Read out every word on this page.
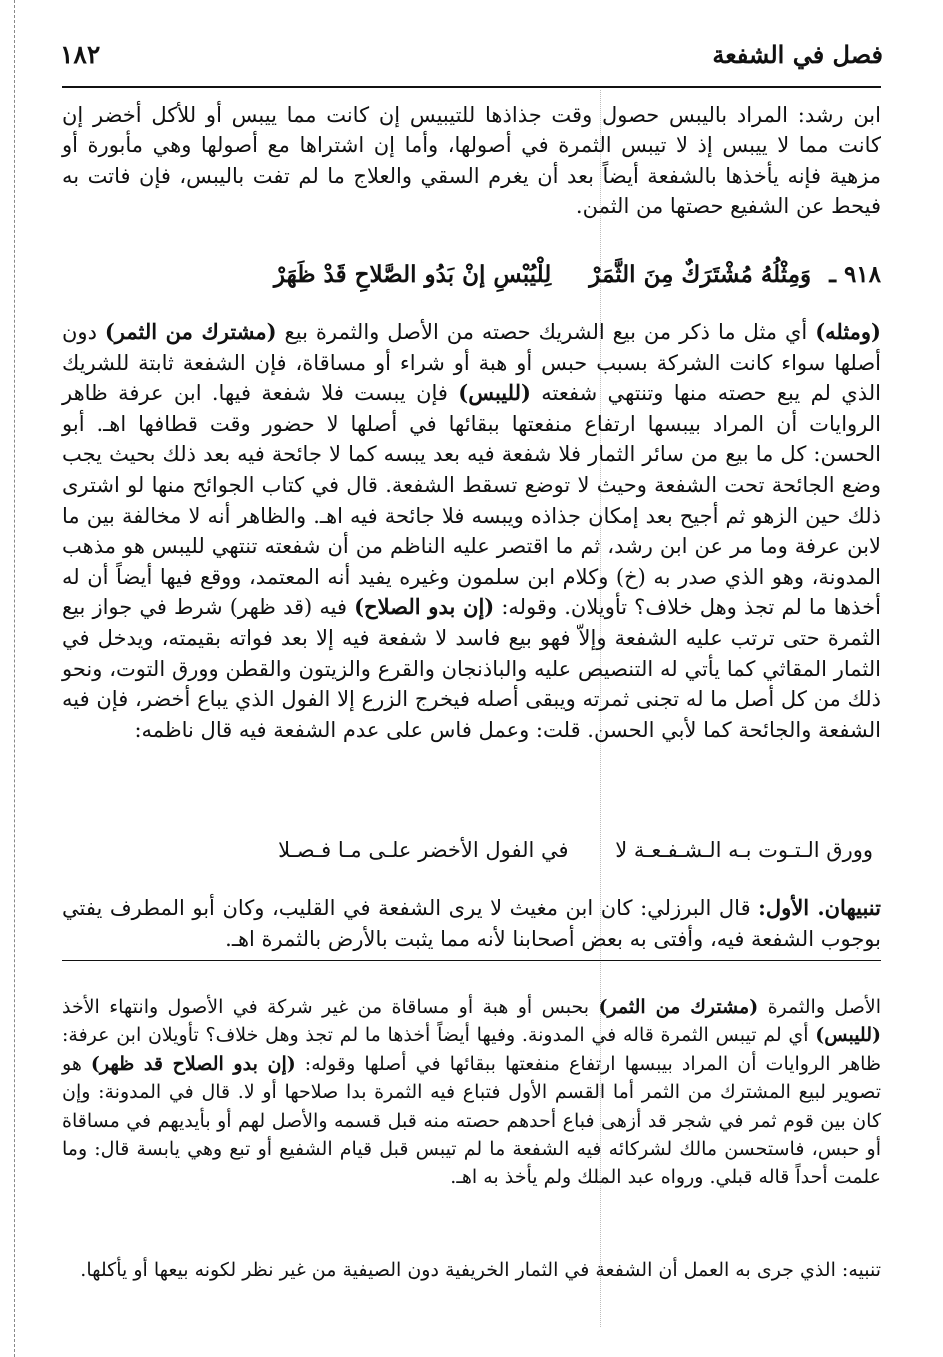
فصل في الشفعة
١٨٢

ابن رشد: المراد باليبس حصول وقت جذاذها للتيبيس إن كانت مما ييبس أو للأكل أخضر إن كانت مما لا ييبس إذ لا تيبس الثمرة في أصولها، وأما إن اشتراها مع أصولها وهي مأبورة أو مزهية فإنه يأخذها بالشفعة أيضاً بعد أن يغرم السقي والعلاج ما لم تفت باليبس، فإن فاتت به فيحط عن الشفيع حصتها من الثمن.

٩١٨ ـ وَمِثْلُهُ مُشْتَرَكٌ مِنَ الثَّمَرْ لِلْيُبْسِ إنْ بَدُو الصَّلاحِ قَدْ ظَهَرْ

(ومثله) أي مثل ما ذكر من بيع الشريك حصته من الأصل والثمرة بيع (مشترك من الثمر) دون أصلها سواء كانت الشركة بسبب حبس أو هبة أو شراء أو مساقاة، فإن الشفعة ثابتة للشريك الذي لم يبع حصته منها وتنتهي شفعته (لليبس) فإن يبست فلا شفعة فيها. ابن عرفة ظاهر الروايات أن المراد بيبسها ارتفاع منفعتها ببقائها في أصلها لا حضور وقت قطافها اهـ. أبو الحسن: كل ما بيع من سائر الثمار فلا شفعة فيه بعد يبسه كما لا جائحة فيه بعد ذلك بحيث يجب وضع الجائحة تحت الشفعة وحيث لا توضع تسقط الشفعة. قال في كتاب الجوائح منها لو اشترى ذلك حين الزهو ثم أجيح بعد إمكان جذاذه ويبسه فلا جائحة فيه اهـ. والظاهر أنه لا مخالفة بين ما لابن عرفة وما مر عن ابن رشد، ثم ما اقتصر عليه الناظم من أن شفعته تنتهي لليبس هو مذهب المدونة، وهو الذي صدر به (خ) وكلام ابن سلمون وغيره يفيد أنه المعتمد، ووقع فيها أيضاً أن له أخذها ما لم تجذ وهل خلاف؟ تأويلان. وقوله: (إن بدو الصلاح) فيه (قد ظهر) شرط في جواز بيع الثمرة حتى ترتب عليه الشفعة وإلاّ فهو بيع فاسد لا شفعة فيه إلا بعد فواته بقيمته، ويدخل في الثمار المقاثي كما يأتي له التنصيص عليه والباذنجان والقرع والزيتون والقطن وورق التوت، ونحو ذلك من كل أصل ما له تجنى ثمرته ويبقى أصله فيخرج الزرع إلا الفول الذي يباع أخضر، فإن فيه الشفعة والجائحة كما لأبي الحسن. قلت: وعمل فاس على عدم الشفعة فيه قال ناظمه:

وورق الـتـوت بـه الـشـفـعـة لا في الفول الأخضر علـى مـا فـصـلا

تنبيهان. الأول: قال البرزلي: كان ابن مغيث لا يرى الشفعة في القليب، وكان أبو المطرف يفتي بوجوب الشفعة فيه، وأفتى به بعض أصحابنا لأنه مما يثبت بالأرض بالثمرة اهـ.

الأصل والثمرة (مشترك من الثمر) بحبس أو هبة أو مساقاة من غير شركة في الأصول وانتهاء الأخذ (لليبس) أي لم تيبس الثمرة قاله في المدونة. وفيها أيضاً أخذها ما لم تجذ وهل خلاف؟ تأويلان ابن عرفة: ظاهر الروايات أن المراد بيبسها ارتفاع منفعتها ببقائها في أصلها وقوله: (إن بدو الصلاح قد ظهر) هو تصوير لبيع المشترك من الثمر أما القسم الأول فتباع فيه الثمرة بدا صلاحها أو لا. قال في المدونة: وإن كان بين قوم ثمر في شجر قد أزهى فباع أحدهم حصته منه قبل قسمه والأصل لهم أو بأيديهم في مساقاة أو حبس، فاستحسن مالك لشركائه فيه الشفعة ما لم تيبس قبل قيام الشفيع أو تبع وهي يابسة قال: وما علمت أحداً قاله قبلي. ورواه عبد الملك ولم يأخذ به اهـ.

تنبيه: الذي جرى به العمل أن الشفعة في الثمار الخريفية دون الصيفية من غير نظر لكونه بيعها أو يأكلها.
